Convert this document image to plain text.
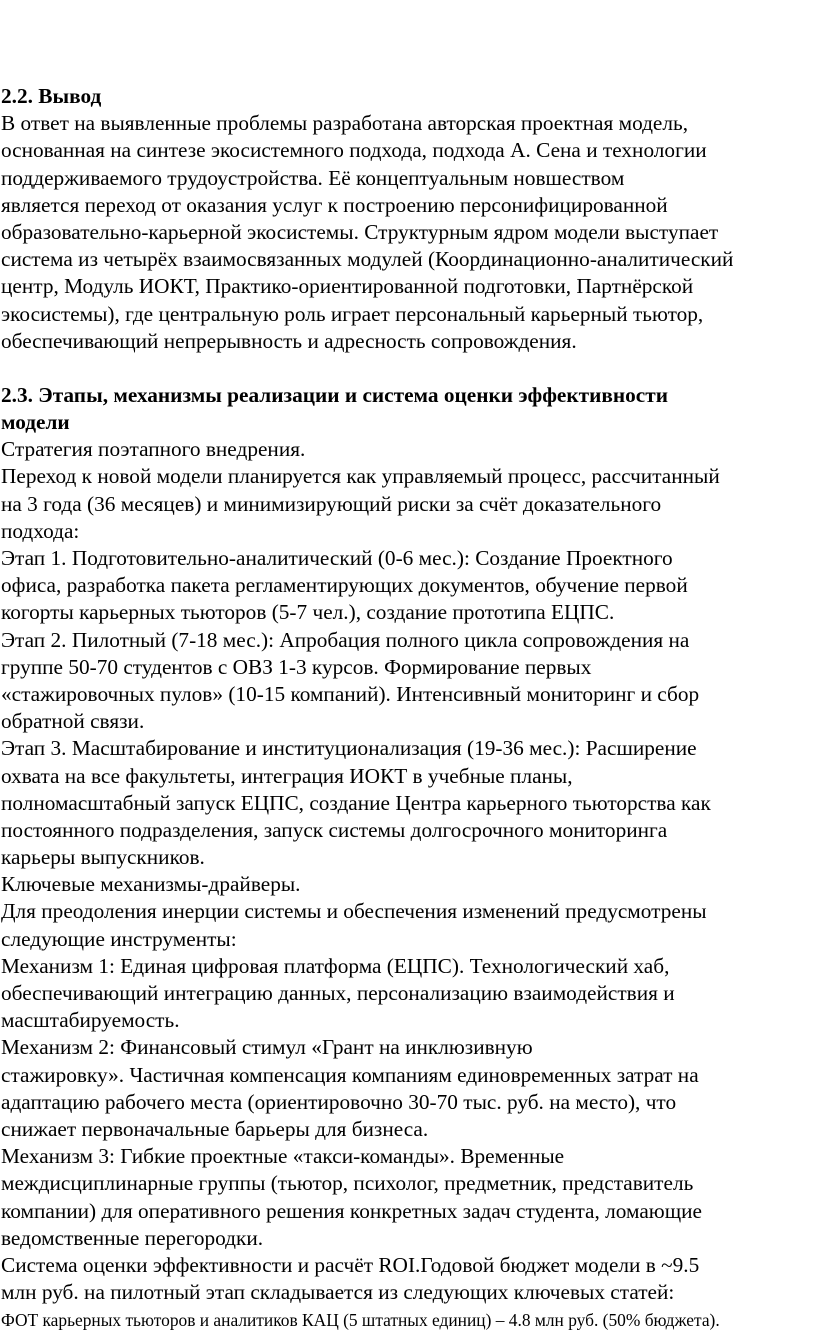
2.2. Вывод
В ответ на выявленные проблемы разработана авторская проектная модель,
основанная на синтезе экосистемного подхода, подхода А. Сена и технологии
поддерживаемого трудоустройства. Её концептуальным новшеством
является переход от оказания услуг к построению персонифицированной
образовательно-карьерной экосистемы. Структурным ядром модели выступает
система из четырёх взаимосвязанных модулей (Координационно-аналитический
центр, Модуль ИОКТ, Практико-ориентированной подготовки, Партнёрской
экосистемы), где центральную роль играет персональный карьерный тьютор,
обеспечивающий непрерывность и адресность сопровождения.
2.3. Этапы, механизмы реализации и система оценки эффективности
модели
Стратегия поэтапного внедрения.
Переход к новой модели планируется как управляемый процесс, рассчитанный
на 3 года (36 месяцев) и минимизирующий риски за счёт доказательного
подхода:
Этап 1. Подготовительно-аналитический (0-6 мес.): Создание Проектного
офиса, разработка пакета регламентирующих документов, обучение первой
когорты карьерных тьюторов (5-7 чел.), создание прототипа ЕЦПС.
Этап 2. Пилотный (7-18 мес.): Апробация полного цикла сопровождения на
группе 50-70 студентов с ОВЗ 1-3 курсов. Формирование первых
«стажировочных пулов» (10-15 компаний). Интенсивный мониторинг и сбор
обратной связи.
Этап 3. Масштабирование и институционализация (19-36 мес.): Расширение
охвата на все факультеты, интеграция ИОКТ в учебные планы,
полномасштабный запуск ЕЦПС, создание Центра карьерного тьюторства как
постоянного подразделения, запуск системы долгосрочного мониторинга
карьеры выпускников.
Ключевые механизмы-драйверы.
Для преодоления инерции системы и обеспечения изменений предусмотрены
следующие инструменты:
Механизм 1: Единая цифровая платформа (ЕЦПС). Технологический хаб,
обеспечивающий интеграцию данных, персонализацию взаимодействия и
масштабируемость.
Механизм 2: Финансовый стимул «Грант на инклюзивную
стажировку». Частичная компенсация компаниям единовременных затрат на
адаптацию рабочего места (ориентировочно 30-70 тыс. руб. на место), что
снижает первоначальные барьеры для бизнеса.
Механизм 3: Гибкие проектные «такси-команды». Временные
междисциплинарные группы (тьютор, психолог, предметник, представитель
компании) для оперативного решения конкретных задач студента, ломающие
ведомственные перегородки.
Система оценки эффективности и расчёт ROI.Годовой бюджет модели в ~9.5
млн руб. на пилотный этап складывается из следующих ключевых статей:
ФОТ карьерных тьюторов и аналитиков КАЦ (5 штатных единиц) – 4.8 млн руб. (50% бюджета).
